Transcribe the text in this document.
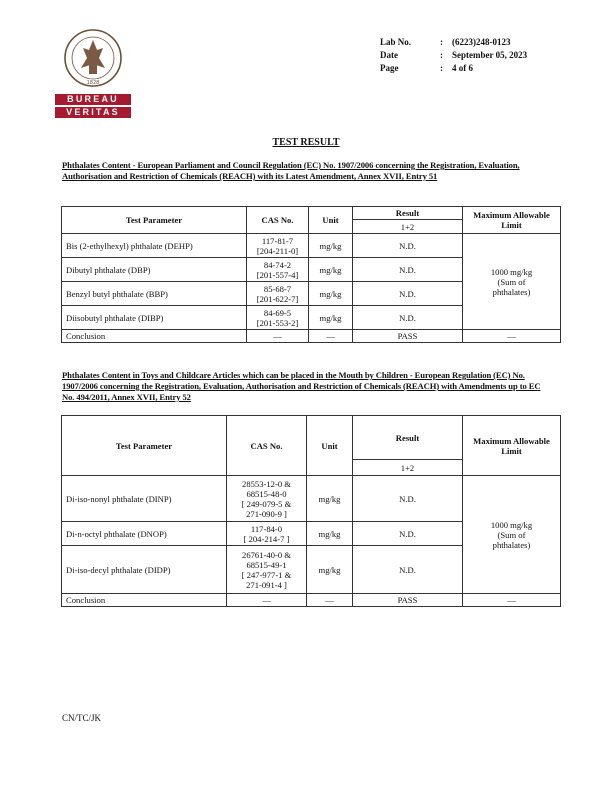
1828
BUREAU
VERITAS
Lab No.	: (6223)248-0123
Date	: September 05, 2023
Page	: 4 of 6
TEST RESULT
Phthalates Content - European Parliament and Council Regulation (EC) No. 1907/2006 concerning the Registration, Evaluation, Authorisation and Restriction of Chemicals (REACH) with its Latest Amendment, Annex XVII, Entry 51
Test Parameter	CAS No.	Unit	Result	Maximum Allowable Limit
			1+2	
Bis (2-ethylhexyl) phthalate (DEHP)	117-81-7
[204-211-0]	mg/kg	N.D.	1000 mg/kg
(Sum of
phthalates)
Dibutyl phthalate (DBP)	84-74-2
[201-557-4]	mg/kg	N.D.	
Benzyl butyl phthalate (BBP)	85-68-7
[201-622-7]	mg/kg	N.D.	
Diisobutyl phthalate (DIBP)	84-69-5
[201-553-2]	mg/kg	N.D.	
Conclusion	—	—	PASS	—
Phthalates Content in Toys and Childcare Articles which can be placed in the Mouth by Children - European Regulation (EC) No. 1907/2006 concerning the Registration, Evaluation, Authorisation and Restriction of Chemicals (REACH) with Amendments up to EC No. 494/2011, Annex XVII, Entry 52
Test Parameter	CAS No.	Unit	Result	Maximum Allowable Limit
			1+2	
Di-iso-nonyl phthalate (DINP)	28553-12-0 &
68515-48-0
[ 249-079-5 &
271-090-9 ]	mg/kg	N.D.	1000 mg/kg
(Sum of
phthalates)
Di-n-octyl phthalate (DNOP)	117-84-0
[ 204-214-7 ]	mg/kg	N.D.	
Di-iso-decyl phthalate (DIDP)	26761-40-0 &
68515-49-1
[ 247-977-1 &
271-091-4 ]	mg/kg	N.D.	
Conclusion	—	—	PASS	—
CN/TC/JK
